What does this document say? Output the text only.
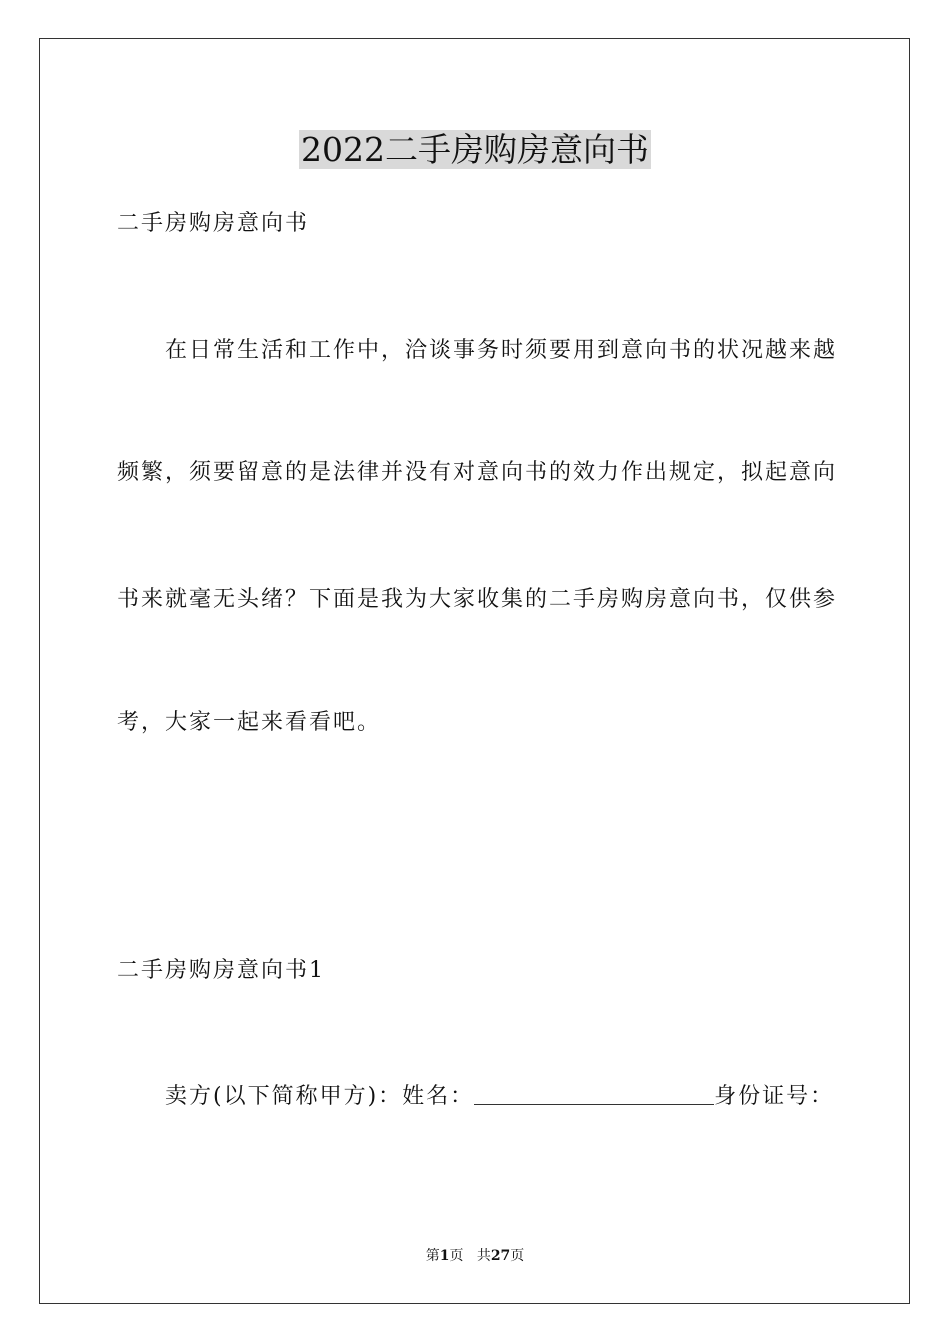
2022二手房购房意向书
二手房购房意向书
在日常生活和工作中，洽谈事务时须要用到意向书的状况越来越
频繁，须要留意的是法律并没有对意向书的效力作出规定，拟起意向
书来就毫无头绪？下面是我为大家收集的二手房购房意向书，仅供参
考，大家一起来看看吧。
二手房购房意向书1
卖方(以下简称甲方)：姓名：	身份证号：
第1页 共27页
